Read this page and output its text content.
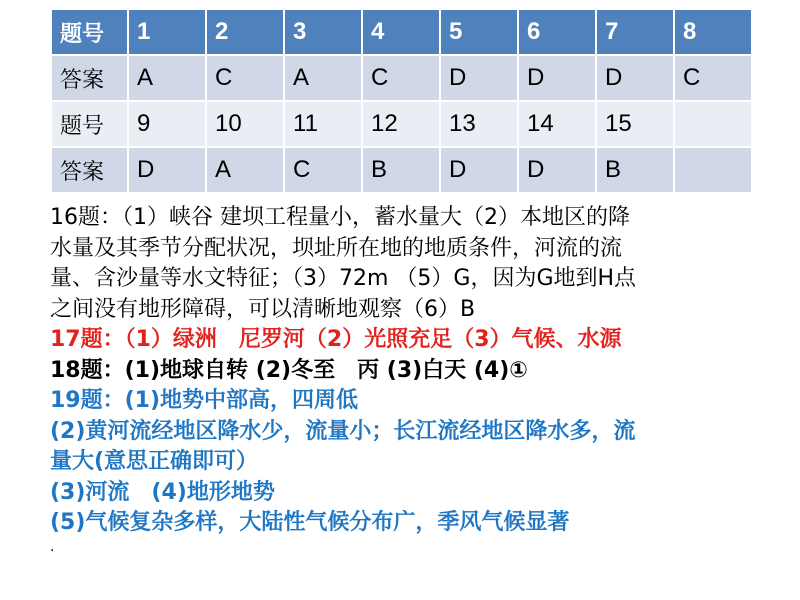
题号	1	2	3	4	5	6	7	8
答案	A	C	A	C	D	D	D	C
题号	9	10	11	12	13	14	15	
答案	D	A	C	B	D	D	B	
16题：（1）峡谷 建坝工程量小，蓄水量大（2）本地区的降
水量及其季节分配状况，坝址所在地的地质条件，河流的流
量、含沙量等水文特征；（3）72m （5）G，因为G地到H点
之间没有地形障碍，可以清晰地观察（6）B
17题：（1）绿洲　尼罗河（2）光照充足（3）气候、水源
18题：(1)地球自转 (2)冬至　丙 (3)白天 (4)①
19题：(1)地势中部高，四周低
(2)黄河流经地区降水少，流量小；长江流经地区降水多，流
量大(意思正确即可）
(3)河流　(4)地形地势
(5)气候复杂多样，大陆性气候分布广，季风气候显著
.
